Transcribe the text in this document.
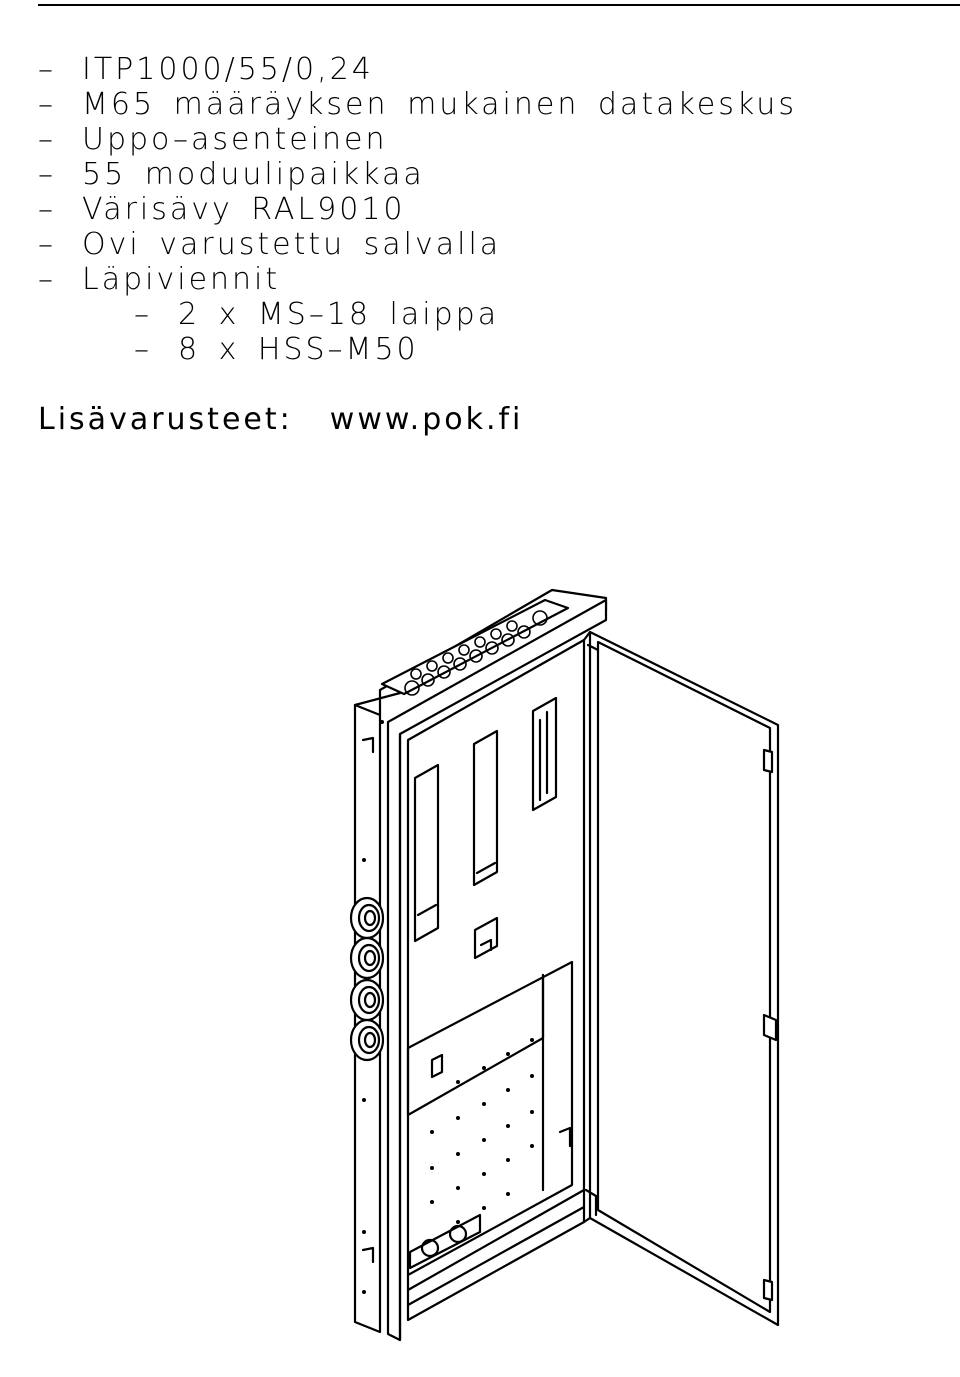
– ITP1000/55/0,24
– M65 määräyksen mukainen datakeskus
– Uppo–asenteinen
– 55 moduulipaikkaa
– Värisävy RAL9010
– Ovi varustettu salvalla
– Läpiviennit
– 2 x MS–18 laippa
– 8 x HSS–M50
Lisävarusteet:  www.pok.fi
